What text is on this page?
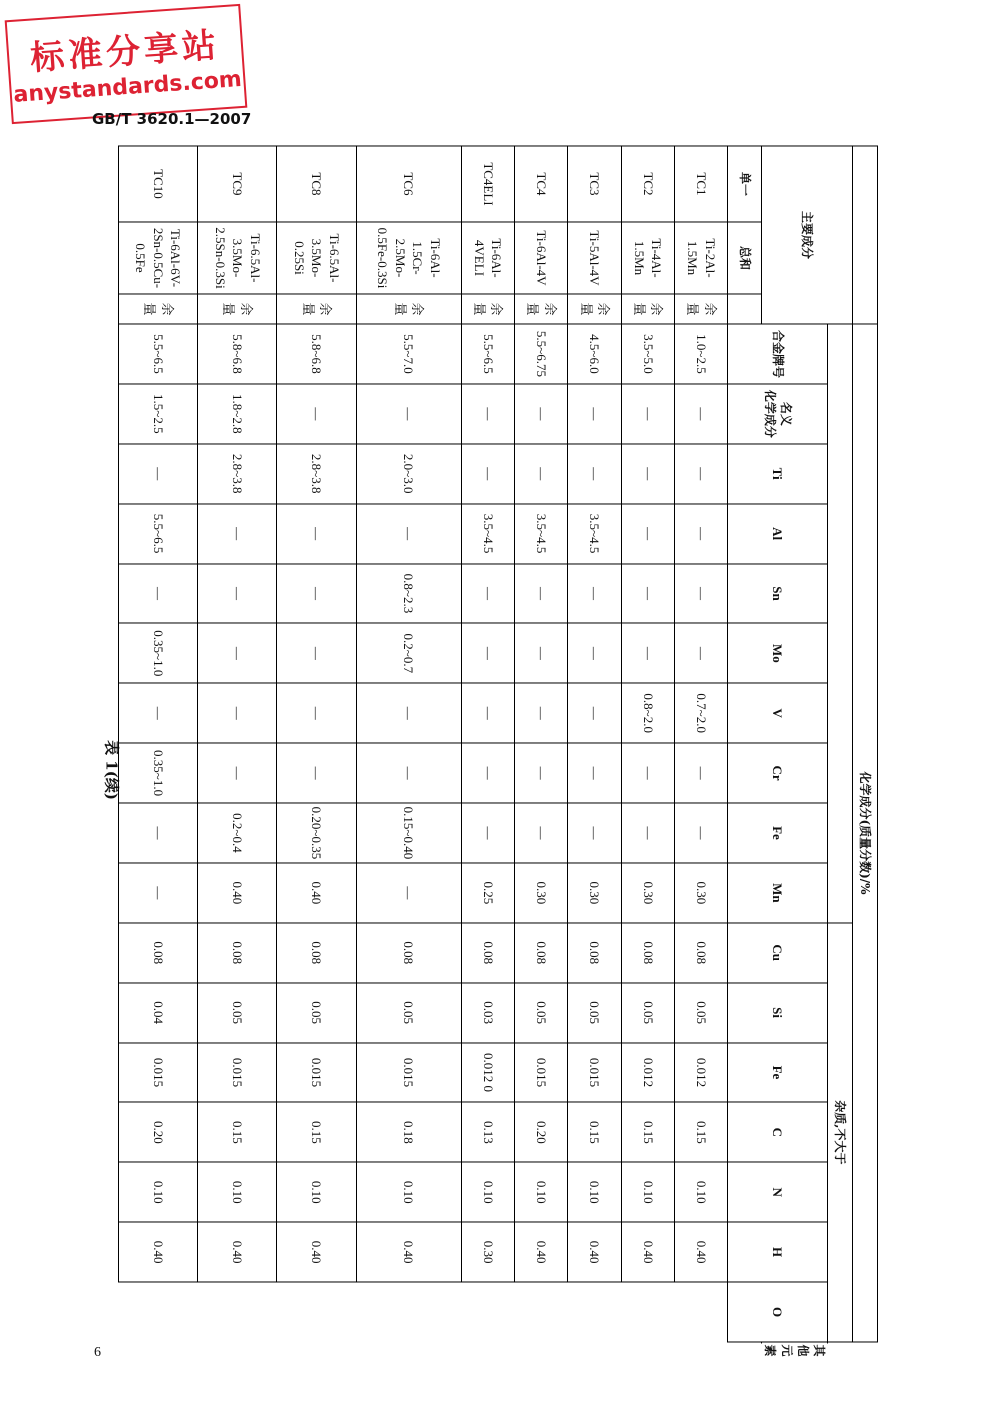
标准分享站
anystandards.com
GB/T 3620.1—2007
表 1(续)
			化学成分(质量分数)/%																	
主要成分													杂质,不大于							
			合金牌号	名义
化学成分	Ti	Al	Sn	Mo	V	Cr	Fe	Mn	Cu	Si	Fe	C	N	H	O	其他元素
单一	总和																			
TC1	Ti-2Al-1.5Mn	余量	1.0~2.5	—	—	—	—	—	0.7~2.0	—	—	0.30	0.08	0.05	0.012	0.15	0.10	0.40		
TC2	Ti-4Al-1.5Mn	余量	3.5~5.0	—	—	—	—	—	0.8~2.0	—	—	0.30	0.08	0.05	0.012	0.15	0.10	0.40		
TC3	Ti-5Al-4V	余量	4.5~6.0	—	—	3.5~4.5	—	—	—	—	—	0.30	0.08	0.05	0.015	0.15	0.10	0.40		
TC4	Ti-6Al-4V	余量	5.5~6.75	—	—	3.5~4.5	—	—	—	—	—	0.30	0.08	0.05	0.015	0.20	0.10	0.40		
TC4ELI	Ti-6Al-4VELI	余量	5.5~6.5	—	—	3.5~4.5	—	—	—	—	—	0.25	0.08	0.03	0.012 0	0.13	0.10	0.30		
TC6	Ti-6Al-1.5Cr-2.5Mo-0.5Fe-0.3Si	余量	5.5~7.0	—	2.0~3.0	—	0.8~2.3	0.2~0.7	—	—	0.15~0.40	—	0.08	0.05	0.015	0.18	0.10	0.40		
TC8	Ti-6.5Al-3.5Mo-0.25Si	余量	5.8~6.8	—	2.8~3.8	—	—	—	—	—	0.20~0.35	0.40	0.08	0.05	0.015	0.15	0.10	0.40		
TC9	Ti-6.5Al-3.5Mo-2.5Sn-0.3Si	余量	5.8~6.8	1.8~2.8	2.8~3.8	—	—	—	—	—	0.2~0.4	0.40	0.08	0.05	0.015	0.15	0.10	0.40		
TC10	Ti-6Al-6V-2Sn-0.5Cu-0.5Fe	余量	5.5~6.5	1.5~2.5	—	5.5~6.5	—	0.35~1.0	—	0.35~1.0	—	—	0.08	0.04	0.015	0.20	0.10	0.40		
6
